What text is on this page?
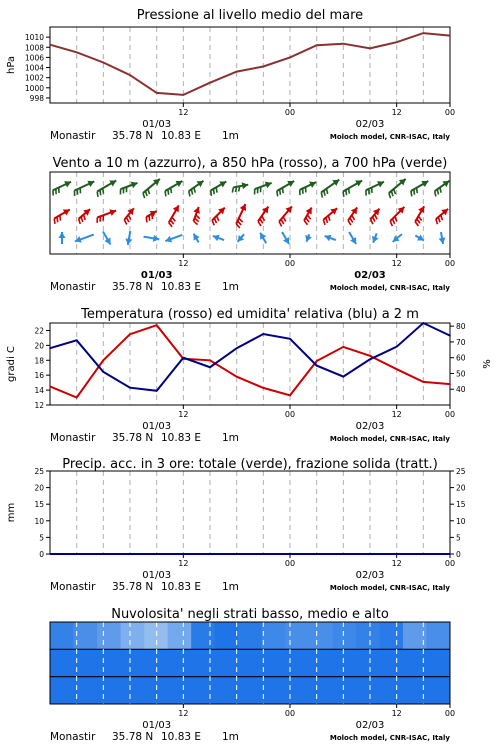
Pressione al livello medio del mare
12	00	12	00
01/03	02/03
Monastir 35.78 N 10.83 E 1m	Moloch model, CNR-ISAC, Italy
998
1000
1002
1004
1006
1008
1010
hPa
Vento a 10 m (azzurro), a 850 hPa (rosso), a 700 hPa (verde)
12	00	12	00
01/03	02/03
Monastir 35.78 N 10.83 E 1m	Moloch model, CNR-ISAC, Italy
Temperatura (rosso) ed umidita' relativa (blu) a 2 m
12	00	12	00
01/03	02/03
Monastir 35.78 N 10.83 E 1m	Moloch model, CNR-ISAC, Italy
12
14
16
18
20
22
40
50
60
70
80
gradi C	%
Precip. acc. in 3 ore: totale (verde), frazione solida (tratt.)
12	00	12	00
01/03	02/03
Monastir 35.78 N 10.83 E 1m	Moloch model, CNR-ISAC, Italy
0
5
10
15
20
25
0
5
10
15
20
25
mm
Nuvolosita' negli strati basso, medio e alto
12	00	12	00
01/03	02/03
Monastir 35.78 N 10.83 E 1m	Moloch model, CNR-ISAC, Italy
